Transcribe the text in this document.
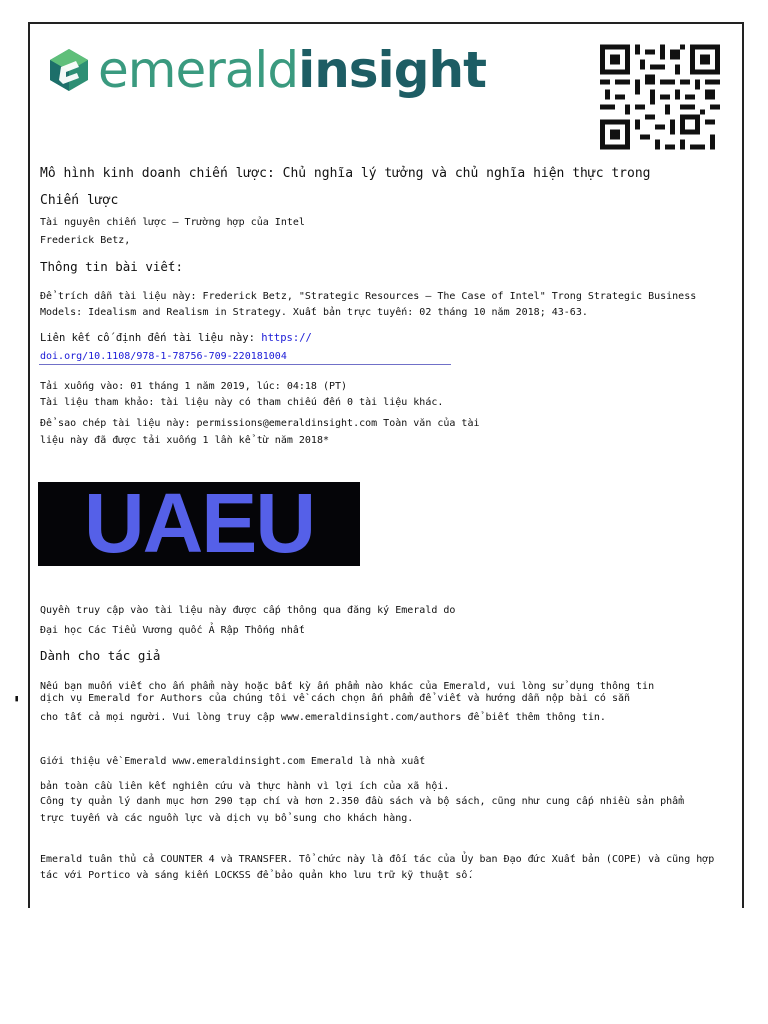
emeraldinsight
Mô hình kinh doanh chiến lược: Chủ nghĩa lý tưởng và chủ nghĩa hiện thực trong
Chiến lược
Tài nguyên chiến lược – Trường hợp của Intel
Frederick Betz,
Thông tin bài viết:
Để trích dẫn tài liệu này: Frederick Betz, "Strategic Resources – The Case of Intel" Trong Strategic Business
Models: Idealism and Realism in Strategy. Xuất bản trực tuyến: 02 tháng 10 năm 2018; 43-63.
Liên kết cố định đến tài liệu này: https://
doi.org/10.1108/978-1-78756-709-220181004
Tải xuống vào: 01 tháng 1 năm 2019, lúc: 04:18 (PT)
Tài liệu tham khảo: tài liệu này có tham chiếu đến 0 tài liệu khác.
Để sao chép tài liệu này: permissions@emeraldinsight.com Toàn văn của tài
liệu này đã được tải xuống 1 lần kể từ năm 2018*
UAEU
Quyền truy cập vào tài liệu này được cấp thông qua đăng ký Emerald do
Đại học Các Tiểu Vương quốc Ả Rập Thống nhất
Dành cho tác giả
Nếu bạn muốn viết cho ấn phẩm này hoặc bất kỳ ấn phẩm nào khác của Emerald, vui lòng sử dụng thông tin
dịch vụ Emerald for Authors của chúng tôi về cách chọn ấn phẩm để viết và hướng dẫn nộp bài có sẵn
cho tất cả mọi người. Vui lòng truy cập www.emeraldinsight.com/authors để biết thêm thông tin.
▮
Giới thiệu về Emerald www.emeraldinsight.com Emerald là nhà xuất
bản toàn cầu liên kết nghiên cứu và thực hành vì lợi ích của xã hội.
Công ty quản lý danh mục hơn 290 tạp chí và hơn 2.350 đầu sách và bộ sách, cũng như cung cấp nhiều sản phẩm
trực tuyến và các nguồn lực và dịch vụ bổ sung cho khách hàng.
Emerald tuân thủ cả COUNTER 4 và TRANSFER. Tổ chức này là đối tác của Ủy ban Đạo đức Xuất bản (COPE) và cũng hợp
tác với Portico và sáng kiến LOCKSS để bảo quản kho lưu trữ kỹ thuật số.
